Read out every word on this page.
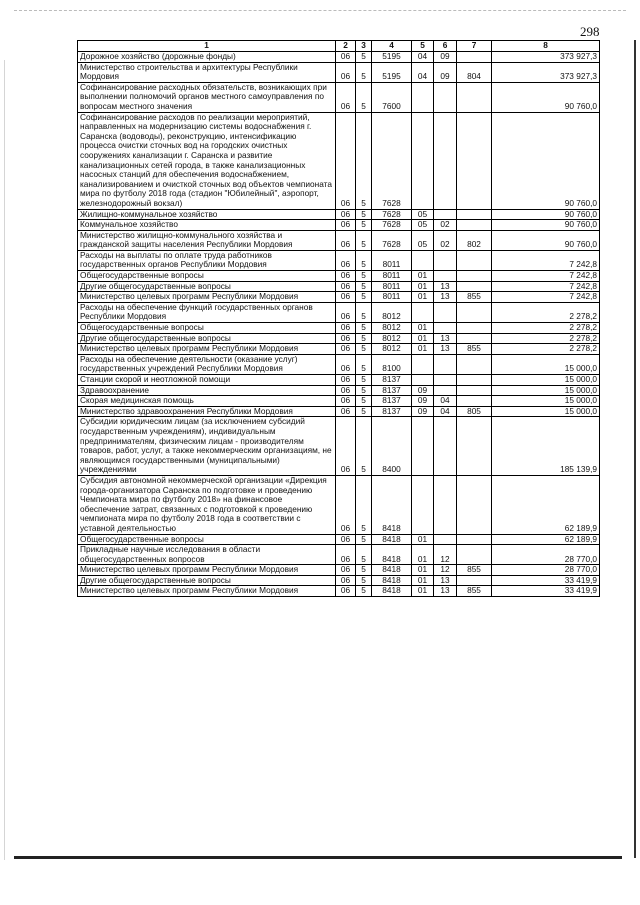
298
1	2	3	4	5	6	7	8
Дорожное хозяйство (дорожные фонды)	06	5	5195	04	09		373 927,3
Министерство строительства и архитектуры Республики Мордовия	06	5	5195	04	09	804	373 927,3
Софинансирование расходных обязательств, возникающих при выполнении полномочий органов местного самоуправления по вопросам местного значения	06	5	7600				90 760,0
Софинансирование расходов по реализации мероприятий, направленных на модернизацию системы водоснабжения г. Саранска (водоводы), реконструкцию, интенсификацию процесса очистки сточных вод на городских очистных сооружениях канализации г. Саранска и развитие канализационных сетей города, в также канализационных насосных станций для обеспечения водоснабжением, канализированием и очисткой сточных вод объектов чемпионата мира по футболу 2018 года (стадион "Юбилейный", аэропорт, железнодорожный вокзал)	06	5	7628				90 760,0
Жилищно-коммунальное хозяйство	06	5	7628	05			90 760,0
Коммунальное хозяйство	06	5	7628	05	02		90 760,0
Министерство жилищно-коммунального хозяйства и гражданской защиты населения Республики Мордовия	06	5	7628	05	02	802	90 760,0
Расходы на выплаты по оплате труда работников государственных органов Республики Мордовия	06	5	8011				7 242,8
Общегосударственные вопросы	06	5	8011	01			7 242,8
Другие общегосударственные вопросы	06	5	8011	01	13		7 242,8
Министерство целевых программ Республики Мордовия	06	5	8011	01	13	855	7 242,8
Расходы на обеспечение функций государственных органов Республики Мордовия	06	5	8012				2 278,2
Общегосударственные вопросы	06	5	8012	01			2 278,2
Другие общегосударственные вопросы	06	5	8012	01	13		2 278,2
Министерство целевых программ Республики Мордовия	06	5	8012	01	13	855	2 278,2
Расходы на обеспечение деятельности (оказание услуг) государственных учреждений Республики Мордовия	06	5	8100				15 000,0
Станции скорой и неотложной помощи	06	5	8137				15 000,0
Здравоохранение	06	5	8137	09			15 000,0
Скорая медицинская помощь	06	5	8137	09	04		15 000,0
Министерство здравоохранения Республики Мордовия	06	5	8137	09	04	805	15 000,0
Субсидии юридическим лицам (за исключением субсидий государственным учреждениям), индивидуальным предпринимателям, физическим лицам - производителям товаров, работ, услуг, а также некоммерческим организациям, не являющимся государственными (муниципальными) учреждениями	06	5	8400				185 139,9
Субсидия автономной некоммерческой организации «Дирекция города-организатора Саранска по подготовке и проведению Чемпионата мира по футболу 2018» на финансовое обеспечение затрат, связанных с подготовкой к проведению чемпионата мира по футболу 2018 года в соответствии с уставной деятельностью	06	5	8418				62 189,9
Общегосударственные вопросы	06	5	8418	01			62 189,9
Прикладные научные исследования в области общегосударственных вопросов	06	5	8418	01	12		28 770,0
Министерство целевых программ Республики Мордовия	06	5	8418	01	12	855	28 770,0
Другие общегосударственные вопросы	06	5	8418	01	13		33 419,9
Министерство целевых программ Республики Мордовия	06	5	8418	01	13	855	33 419,9
